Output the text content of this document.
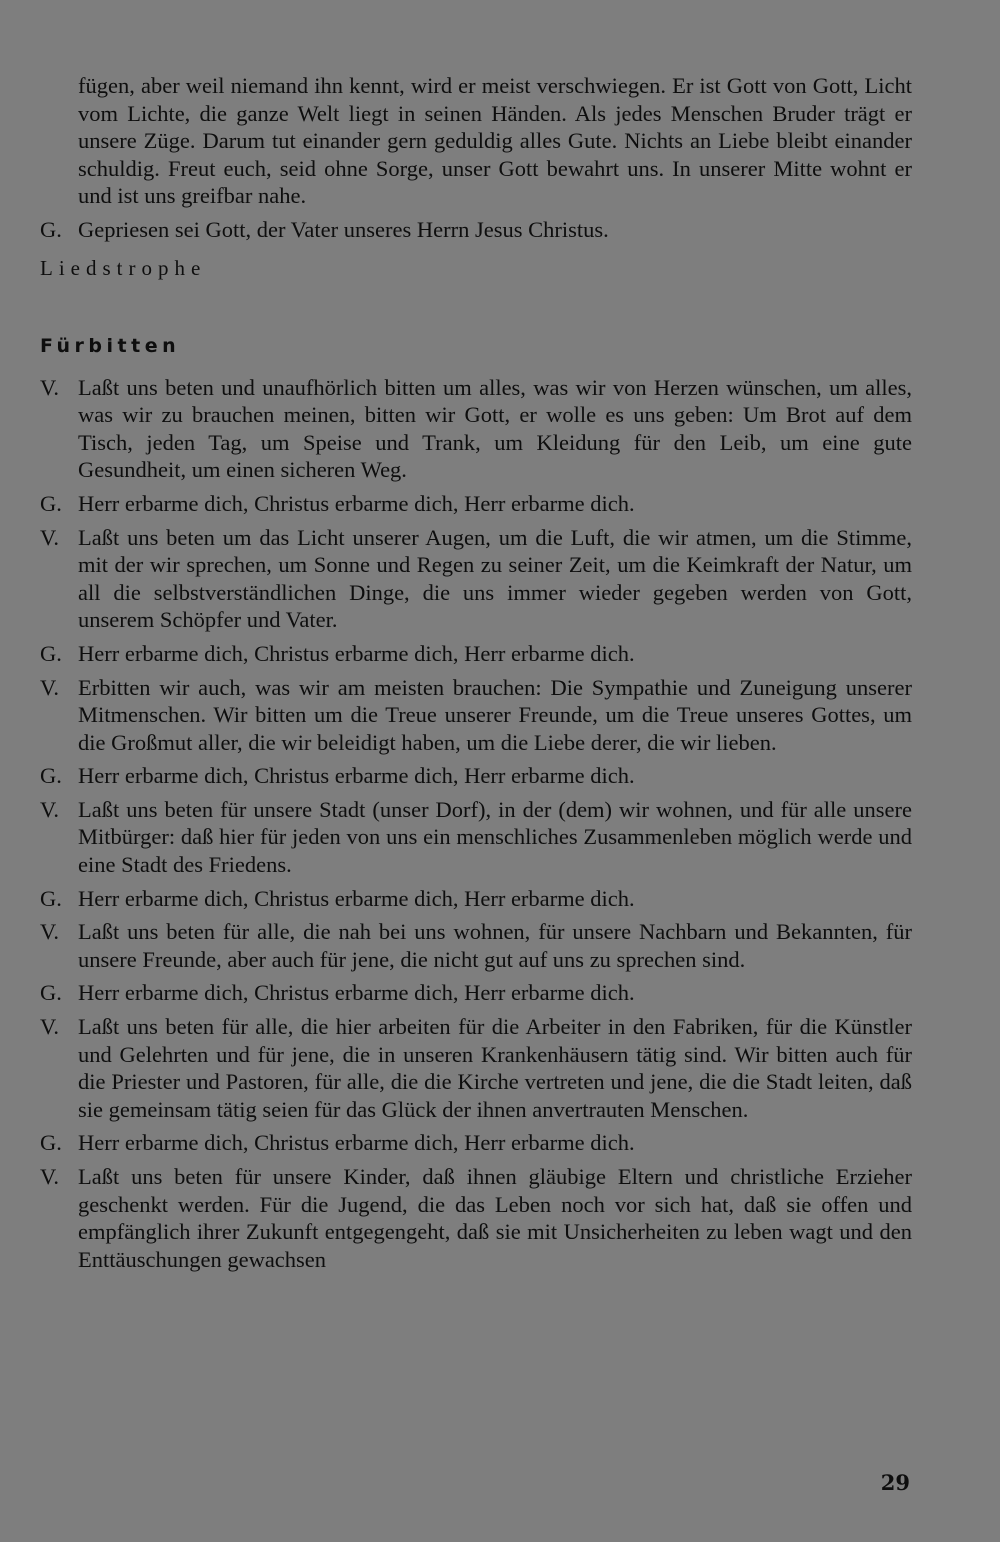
fügen, aber weil niemand ihn kennt, wird er meist verschwiegen. Er ist Gott von Gott, Licht vom Lichte, die ganze Welt liegt in seinen Händen. Als jedes Menschen Bruder trägt er unsere Züge. Darum tut einander gern geduldig alles Gute. Nichts an Liebe bleibt einander schuldig. Freut euch, seid ohne Sorge, unser Gott bewahrt uns. In unserer Mitte wohnt er und ist uns greifbar nahe.

G. Gepriesen sei Gott, der Vater unseres Herrn Jesus Christus.
Liedstrophe
Fürbitten
V. Laßt uns beten und unaufhörlich bitten um alles, was wir von Herzen wünschen, um alles, was wir zu brauchen meinen, bitten wir Gott, er wolle es uns geben: Um Brot auf dem Tisch, jeden Tag, um Speise und Trank, um Kleidung für den Leib, um eine gute Gesundheit, um einen sicheren Weg.
G. Herr erbarme dich, Christus erbarme dich, Herr erbarme dich.
V. Laßt uns beten um das Licht unserer Augen, um die Luft, die wir atmen, um die Stimme, mit der wir sprechen, um Sonne und Regen zu seiner Zeit, um die Keimkraft der Natur, um all die selbstverständlichen Dinge, die uns immer wieder gegeben werden von Gott, unserem Schöpfer und Vater.
G. Herr erbarme dich, Christus erbarme dich, Herr erbarme dich.
V. Erbitten wir auch, was wir am meisten brauchen: Die Sympathie und Zuneigung unserer Mitmenschen. Wir bitten um die Treue unserer Freunde, um die Treue unseres Gottes, um die Großmut aller, die wir beleidigt haben, um die Liebe derer, die wir lieben.
G. Herr erbarme dich, Christus erbarme dich, Herr erbarme dich.
V. Laßt uns beten für unsere Stadt (unser Dorf), in der (dem) wir wohnen, und für alle unsere Mitbürger: daß hier für jeden von uns ein menschliches Zusammenleben möglich werde und eine Stadt des Friedens.
G. Herr erbarme dich, Christus erbarme dich, Herr erbarme dich.
V. Laßt uns beten für alle, die nah bei uns wohnen, für unsere Nachbarn und Bekannten, für unsere Freunde, aber auch für jene, die nicht gut auf uns zu sprechen sind.
G. Herr erbarme dich, Christus erbarme dich, Herr erbarme dich.
V. Laßt uns beten für alle, die hier arbeiten für die Arbeiter in den Fabriken, für die Künstler und Gelehrten und für jene, die in unseren Krankenhäusern tätig sind. Wir bitten auch für die Priester und Pastoren, für alle, die die Kirche vertreten und jene, die die Stadt leiten, daß sie gemeinsam tätig seien für das Glück der ihnen anvertrauten Menschen.
G. Herr erbarme dich, Christus erbarme dich, Herr erbarme dich.
V. Laßt uns beten für unsere Kinder, daß ihnen gläubige Eltern und christliche Erzieher geschenkt werden. Für die Jugend, die das Leben noch vor sich hat, daß sie offen und empfänglich ihrer Zukunft entgegengeht, daß sie mit Unsicherheiten zu leben wagt und den Enttäuschungen gewachsen
29
